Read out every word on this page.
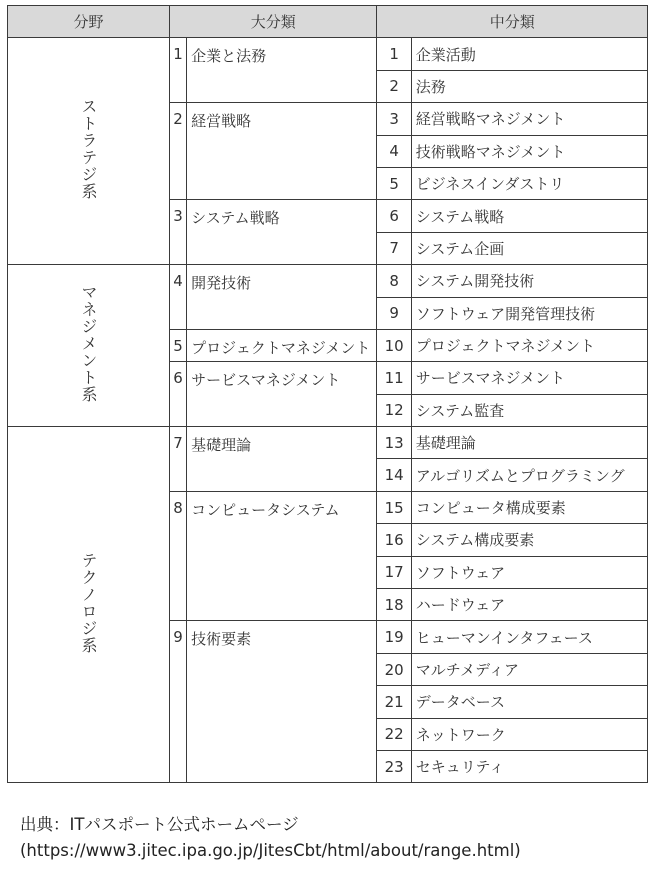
分野	大分類		中分類	
ストラテジ系	1	企業と法務	1	企業活動
			2	法務
	2	経営戦略	3	経営戦略マネジメント
			4	技術戦略マネジメント
			5	ビジネスインダストリ
	3	システム戦略	6	システム戦略
			7	システム企画
マネジメント系	4	開発技術	8	システム開発技術
			9	ソフトウェア開発管理技術
	5	プロジェクトマネジメント	10	プロジェクトマネジメント
	6	サービスマネジメント	11	サービスマネジメント
			12	システム監査
テクノロジ系	7	基礎理論	13	基礎理論
			14	アルゴリズムとプログラミング
	8	コンピュータシステム	15	コンピュータ構成要素
			16	システム構成要素
			17	ソフトウェア
			18	ハードウェア
	9	技術要素	19	ヒューマンインタフェース
			20	マルチメディア
			21	データベース
			22	ネットワーク
			23	セキュリティ
出典：ITパスポート公式ホームページ
(https://www3.jitec.ipa.go.jp/JitesCbt/html/about/range.html)
